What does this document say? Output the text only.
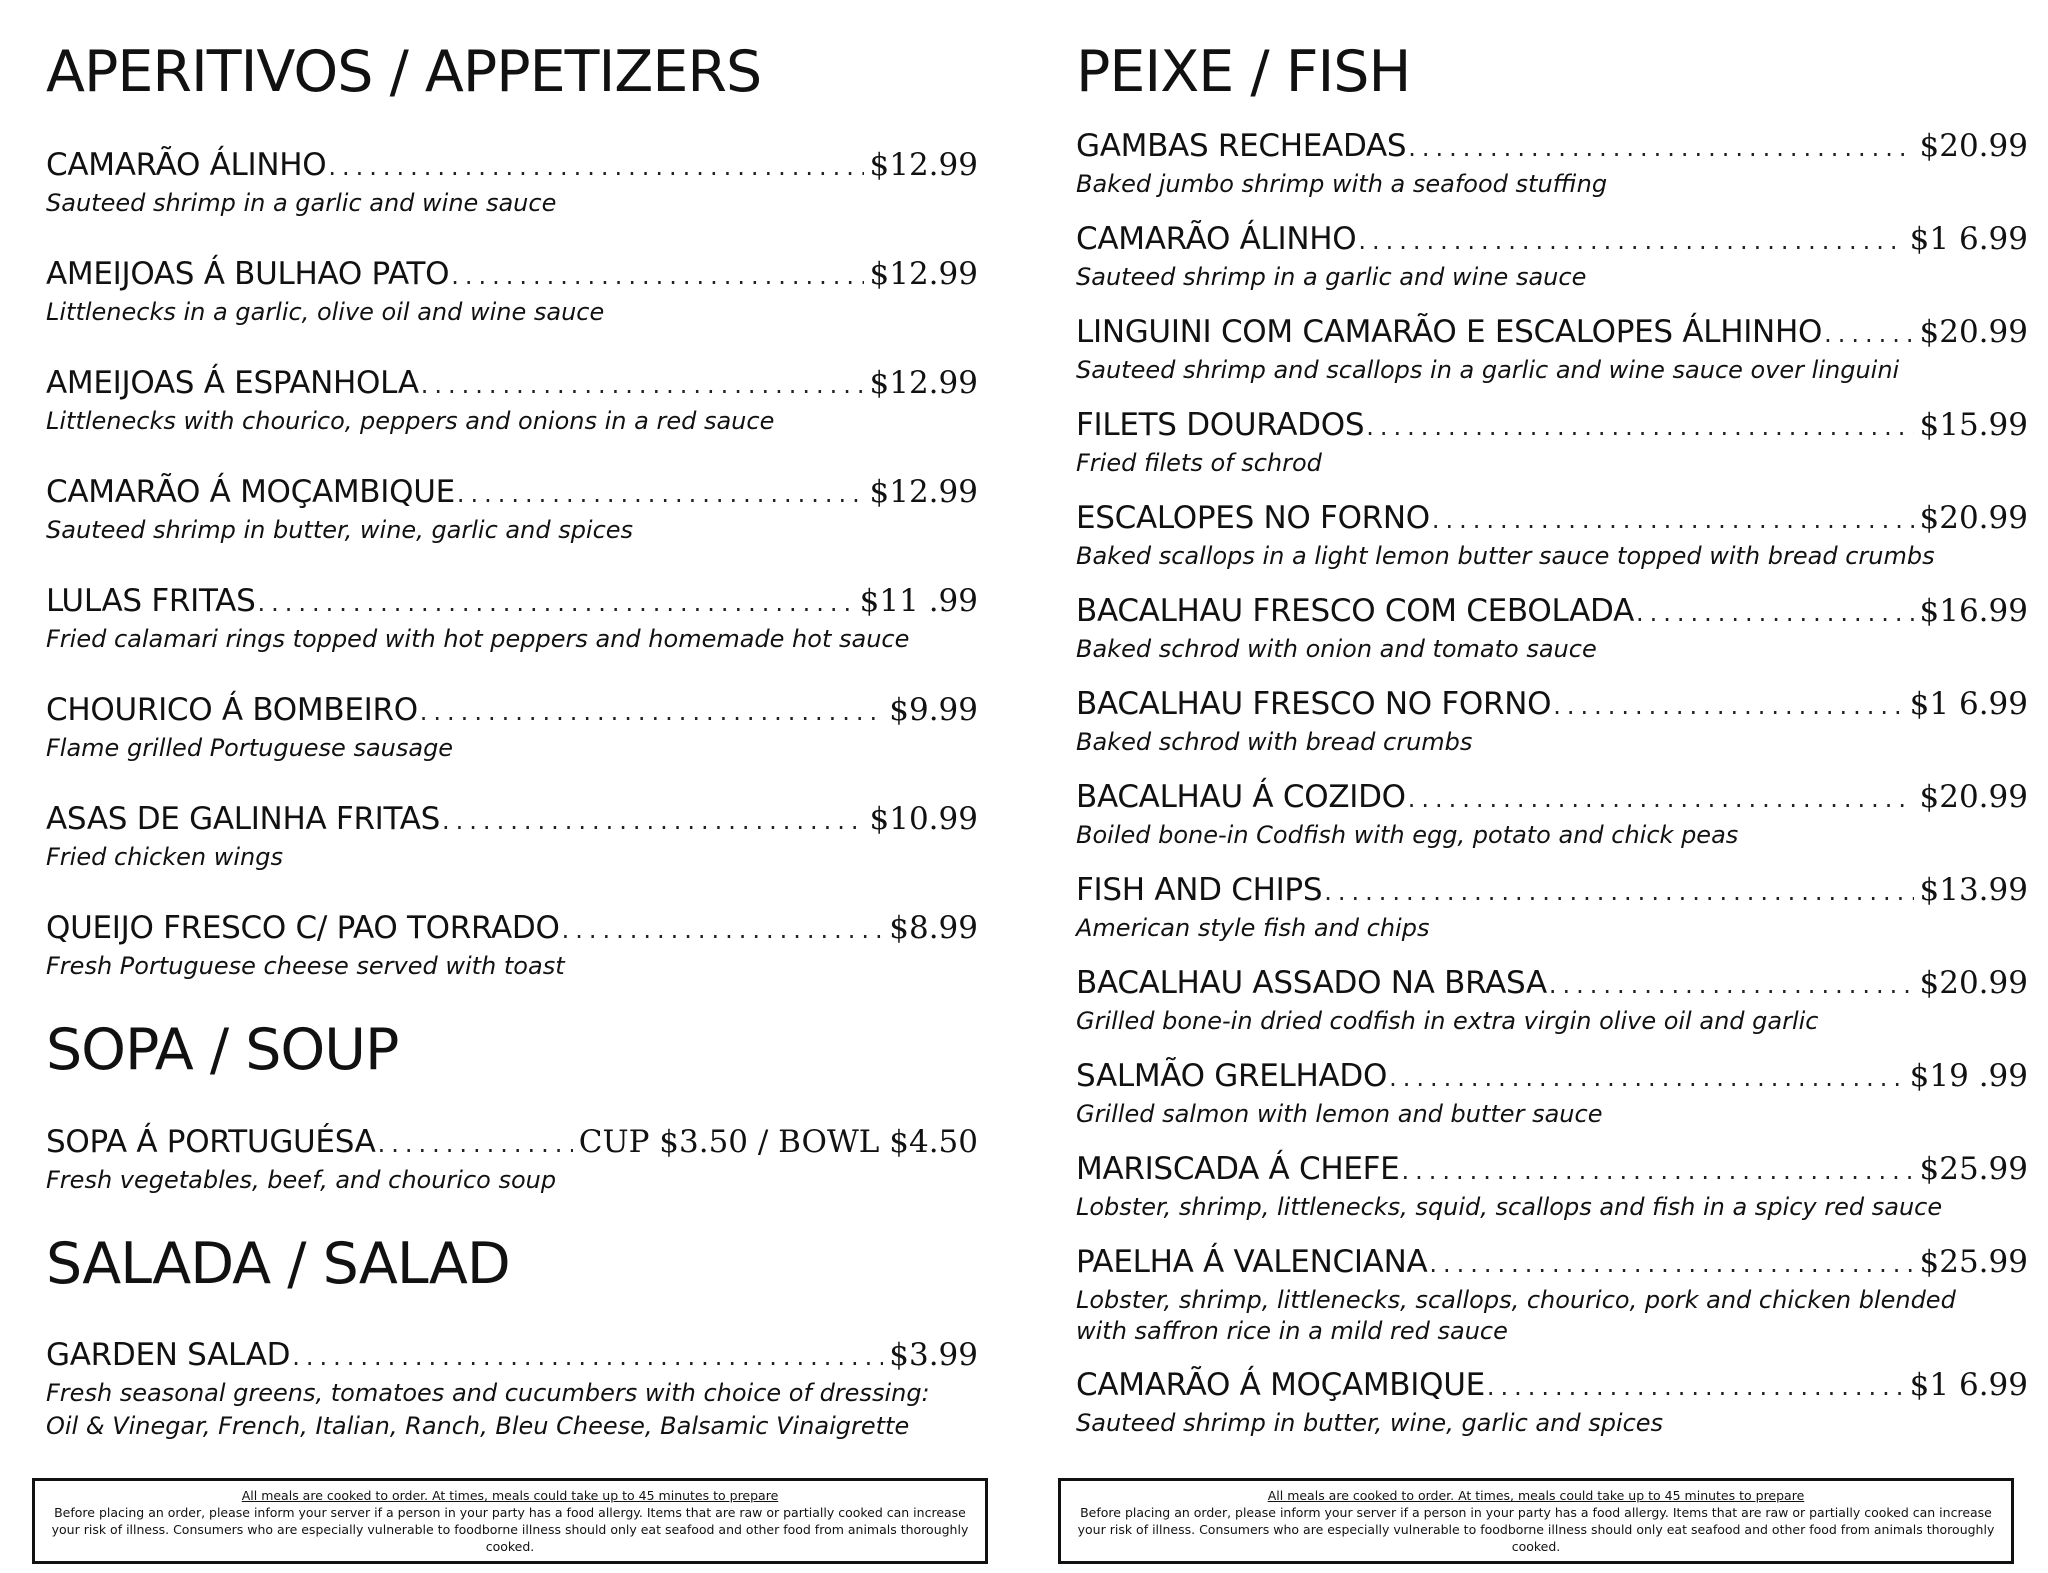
APERITIVOS / APPETIZERS
CAMARÃO ÁLINHO .....	$12.99
Sauteed shrimp in a garlic and wine sauce
AMEIJOAS Á BULHAO PATO .....	$12.99
Littlenecks in a garlic, olive oil and wine sauce
AMEIJOAS Á ESPANHOLA .....	$12.99
Littlenecks with chourico, peppers and onions in a red sauce
CAMARÃO Á MOÇAMBIQUE .....	$12.99
Sauteed shrimp in butter, wine, garlic and spices
LULAS FRITAS .....	$11 .99
Fried calamari rings topped with hot peppers and homemade hot sauce
CHOURICO Á BOMBEIRO .....	$9.99
Flame grilled Portuguese sausage
ASAS DE GALINHA FRITAS .....	$10.99
Fried chicken wings
QUEIJO FRESCO C/ PAO TORRADO .....	$8.99
Fresh Portuguese cheese served with toast
SOPA / SOUP
SOPA Á PORTUGUÉSA .....	CUP $3.50 / BOWL $4.50
Fresh vegetables, beef, and chourico soup
SALADA / SALAD
GARDEN SALAD .....	$3.99
Fresh seasonal greens, tomatoes and cucumbers with choice of dressing:
Oil & Vinegar, French, Italian, Ranch, Bleu Cheese, Balsamic Vinaigrette
All meals are cooked to order. At times, meals could take up to 45 minutes to prepare
Before placing an order, please inform your server if a person in your party has a food allergy. Items that are raw or partially cooked can increase your risk of illness. Consumers who are especially vulnerable to foodborne illness should only eat seafood and other food from animals thoroughly cooked.
PEIXE / FISH
GAMBAS RECHEADAS .....	$20.99
Baked jumbo shrimp with a seafood stuffing
CAMARÃO ÁLINHO .....	$1 6.99
Sauteed shrimp in a garlic and wine sauce
LINGUINI COM CAMARÃO E ESCALOPES ÁLHINHO .....	$20.99
Sauteed shrimp and scallops in a garlic and wine sauce over linguini
FILETS DOURADOS .....	$15.99
Fried filets of schrod
ESCALOPES NO FORNO .....	$20.99
Baked scallops in a light lemon butter sauce topped with bread crumbs
BACALHAU FRESCO COM CEBOLADA .....	$16.99
Baked schrod with onion and tomato sauce
BACALHAU FRESCO NO FORNO .....	$1 6.99
Baked schrod with bread crumbs
BACALHAU Á COZIDO .....	$20.99
Boiled bone-in Codfish with egg, potato and chick peas
FISH AND CHIPS .....	$13.99
American style fish and chips
BACALHAU ASSADO NA BRASA .....	$20.99
Grilled bone-in dried codfish in extra virgin olive oil and garlic
SALMÃO GRELHADO .....	$19 .99
Grilled salmon with lemon and butter sauce
MARISCADA Á CHEFE .....	$25.99
Lobster, shrimp, littlenecks, squid, scallops and fish in a spicy red sauce
PAELHA Á VALENCIANA .....	$25.99
Lobster, shrimp, littlenecks, scallops, chourico, pork and chicken blended with saffron rice in a mild red sauce
CAMARÃO Á MOÇAMBIQUE .....	$1 6.99
Sauteed shrimp in butter, wine, garlic and spices
All meals are cooked to order. At times, meals could take up to 45 minutes to prepare
Before placing an order, please inform your server if a person in your party has a food allergy. Items that are raw or partially cooked can increase your risk of illness. Consumers who are especially vulnerable to foodborne illness should only eat seafood and other food from animals thoroughly cooked.
